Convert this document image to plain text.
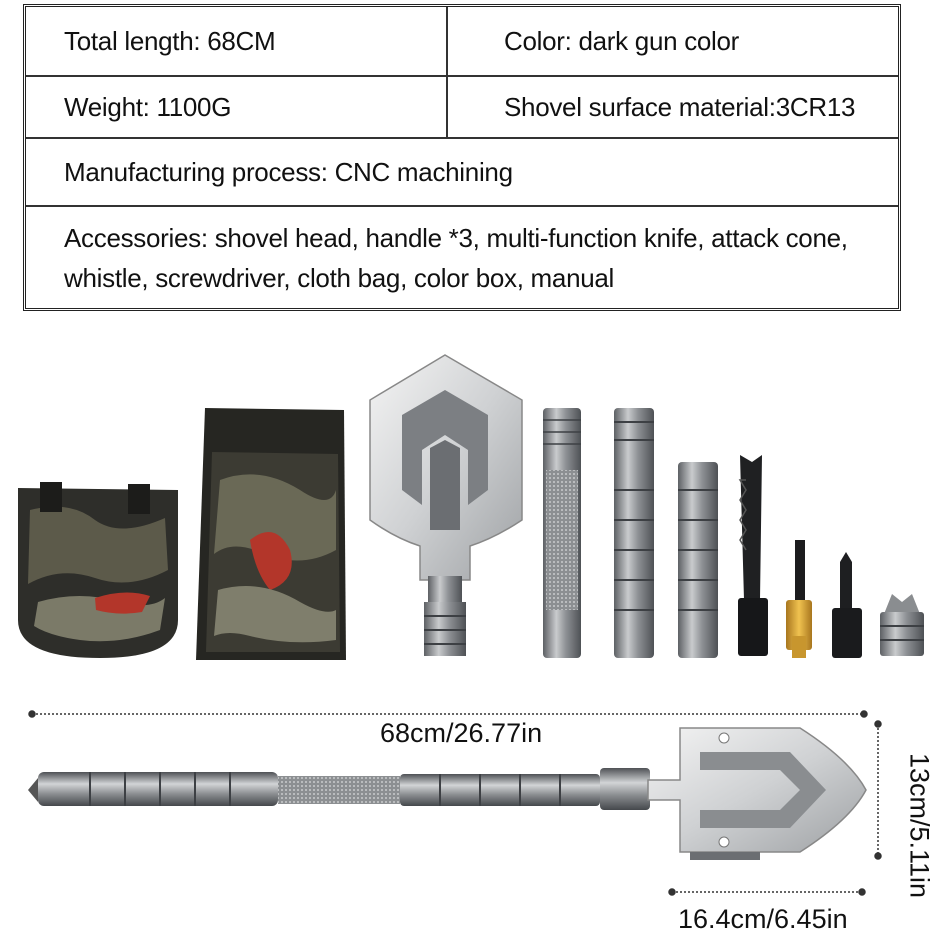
Total length: 68CM	Color: dark gun color
Weight: 1100G	Shovel surface material: 3CR13
Manufacturing process: CNC machining
Accessories: shovel head, handle *3, multi-function knife, attack cone,
whistle, screwdriver, cloth bag, color box, manual
68cm/26.77in
13cm/5.11in
16.4cm/6.45in
